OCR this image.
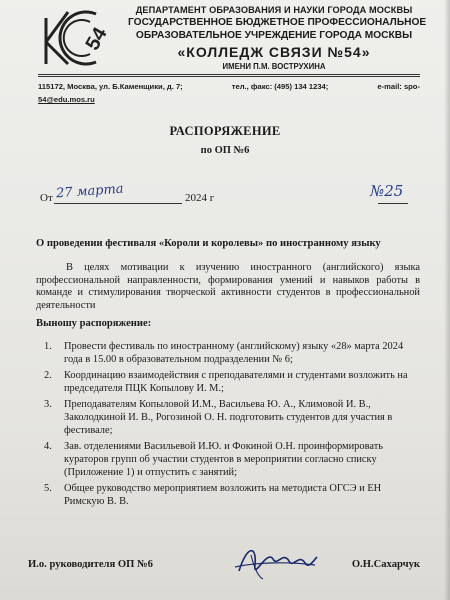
54
ДЕПАРТАМЕНТ ОБРАЗОВАНИЯ И НАУКИ ГОРОДА МОСКВЫ
ГОСУДАРСТВЕННОЕ БЮДЖЕТНОЕ ПРОФЕССИОНАЛЬНОЕ
ОБРАЗОВАТЕЛЬНОЕ УЧРЕЖДЕНИЕ ГОРОДА МОСКВЫ
«КОЛЛЕДЖ СВЯЗИ №54»
ИМЕНИ П.М. ВОСТРУХИНА
115172, Москва, ул. Б.Каменщики, д. 7;	тел., факс: (495) 134 1234;	e-mail: spo-
54@edu.mos.ru
РАСПОРЯЖЕНИЕ
по ОП №6
От 27 марта	2024 г	№25
О проведении фестиваля «Короли и королевы» по иностранному языку

В целях мотивации к изучению иностранного (английского) языка профессиональной направленности, формирования умений и навыков работы в команде и стимулирования творческой активности студентов в профессиональной деятельности

Выношу распоряжение:
1. Провести фестиваль по иностранному (английскому) языку «28» марта 2024 года в 15.00 в образовательном подразделении № 6;
2. Координацию взаимодействия с преподавателями и студентами возложить на председателя ПЦК Копылову И. М.;
3. Преподавателям Копыловой И.М., Васильева Ю. А., Климовой И. В., Заколодкиной И. В., Рогозиной О. Н. подготовить студентов для участия в фестивале;
4. Зав. отделениями Васильевой И.Ю. и Фокиной О.Н. проинформировать кураторов групп об участии студентов в мероприятии согласно списку (Приложение 1) и отпустить с занятий;
5. Общее руководство мероприятием возложить на методиста ОГСЭ и ЕН Римскую В. В.
И.о. руководителя ОП №6	О.Н.Сахарчук
